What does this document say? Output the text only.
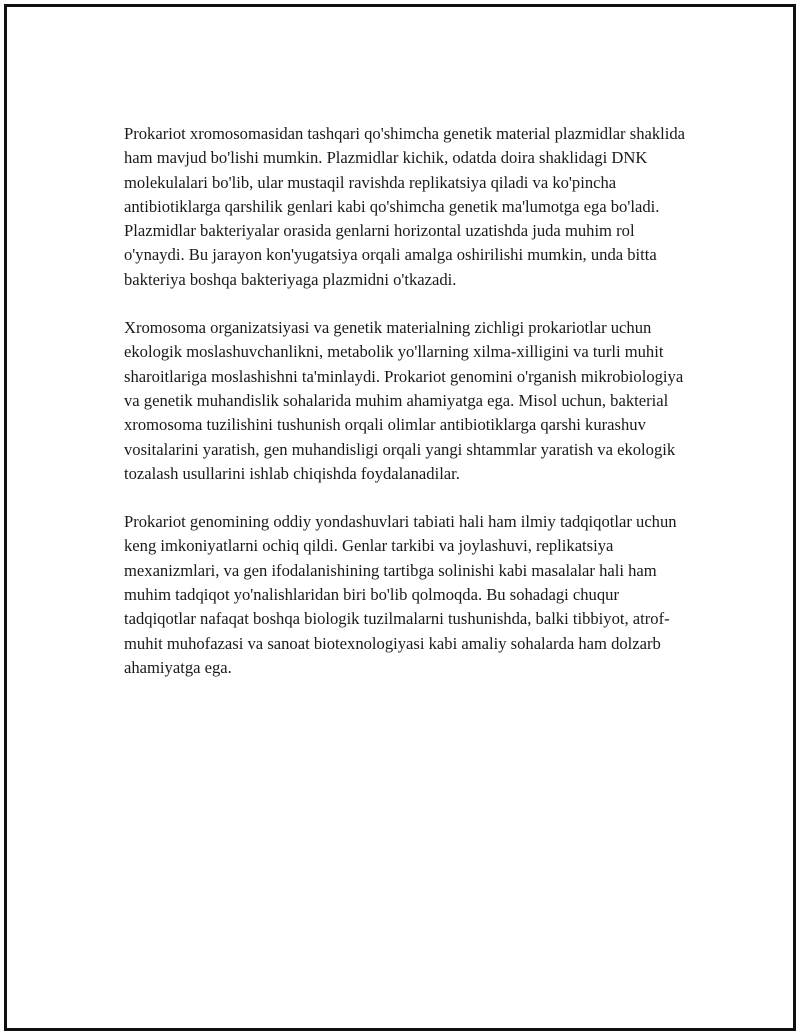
Prokariot xromosomasidan tashqari qo'shimcha genetik material plazmidlar shaklida ham mavjud bo'lishi mumkin. Plazmidlar kichik, odatda doira shaklidagi DNK molekulalari bo'lib, ular mustaqil ravishda replikatsiya qiladi va ko'pincha antibiotiklarga qarshilik genlari kabi qo'shimcha genetik ma'lumotga ega bo'ladi. Plazmidlar bakteriyalar orasida genlarni horizontal uzatishda juda muhim rol o'ynaydi. Bu jarayon kon'yugatsiya orqali amalga oshirilishi mumkin, unda bitta bakteriya boshqa bakteriyaga plazmidni o'tkazadi.

Xromosoma organizatsiyasi va genetik materialning zichligi prokariotlar uchun ekologik moslashuvchanlikni, metabolik yo'llarning xilma-xilligini va turli muhit sharoitlariga moslashishni ta'minlaydi. Prokariot genomini o'rganish mikrobiologiya va genetik muhandislik sohalarida muhim ahamiyatga ega. Misol uchun, bakterial xromosoma tuzilishini tushunish orqali olimlar antibiotiklarga qarshi kurashuv vositalarini yaratish, gen muhandisligi orqali yangi shtammlar yaratish va ekologik tozalash usullarini ishlab chiqishda foydalanadilar.

Prokariot genomining oddiy yondashuvlari tabiati hali ham ilmiy tadqiqotlar uchun keng imkoniyatlarni ochiq qildi. Genlar tarkibi va joylashuvi, replikatsiya mexanizmlari, va gen ifodalanishining tartibga solinishi kabi masalalar hali ham muhim tadqiqot yo'nalishlaridan biri bo'lib qolmoqda. Bu sohadagi chuqur tadqiqotlar nafaqat boshqa biologik tuzilmalarni tushunishda, balki tibbiyot, atrof-muhit muhofazasi va sanoat biotexnologiyasi kabi amaliy sohalarda ham dolzarb ahamiyatga ega.
